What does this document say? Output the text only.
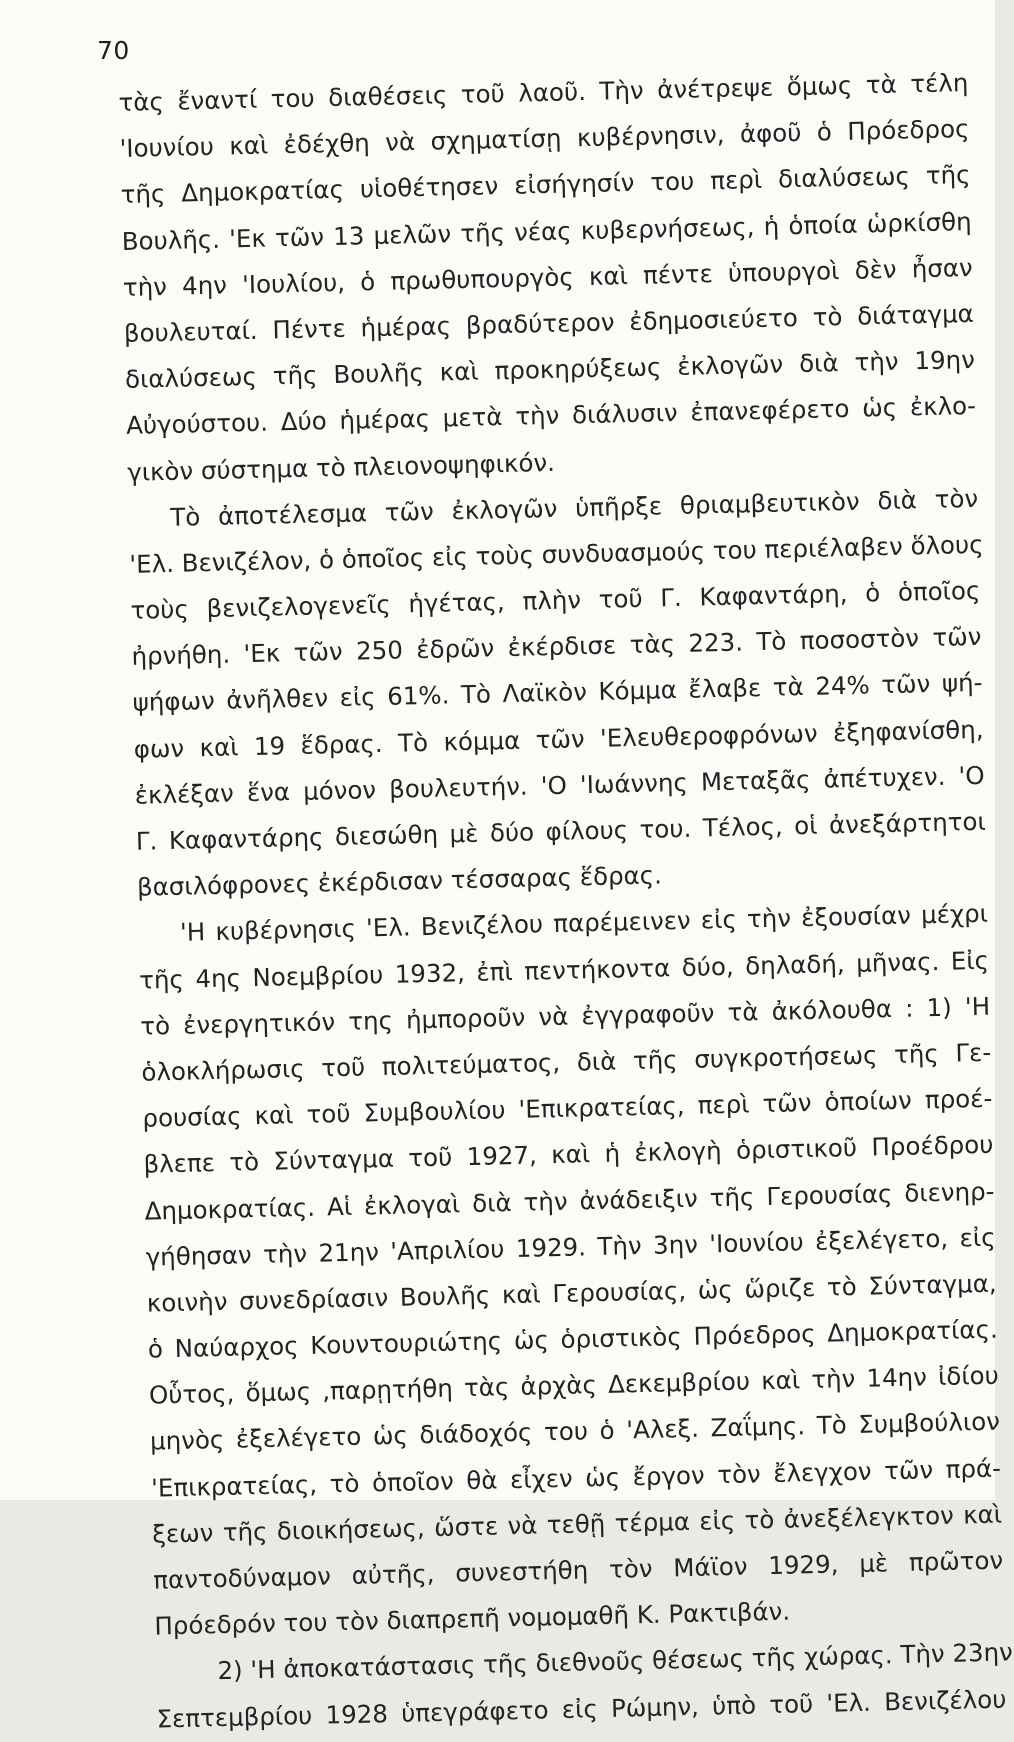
70
τὰς ἔναντί του διαθέσεις τοῦ λαοῦ. Τὴν ἀνέτρεψε ὅμως τὰ τέλη
'Ιουνίου καὶ ἐδέχθη νὰ σχηματίσῃ κυβέρνησιν, ἀφοῦ ὁ Πρόεδρος
τῆς Δημοκρατίας υἱοθέτησεν εἰσήγησίν του περὶ διαλύσεως τῆς
Βουλῆς. 'Εκ τῶν 13 μελῶν τῆς νέας κυβερνήσεως, ἡ ὁποία ὡρκίσθη
τὴν 4ην 'Ιουλίου, ὁ πρωθυπουργὸς καὶ πέντε ὑπουργοὶ δὲν ἦσαν
βουλευταί. Πέντε ἡμέρας βραδύτερον ἐδημοσιεύετο τὸ διάταγμα
διαλύσεως τῆς Βουλῆς καὶ προκηρύξεως ἐκλογῶν διὰ τὴν 19ην
Αὐγούστου. Δύο ἡμέρας μετὰ τὴν διάλυσιν ἐπανεφέρετο ὡς ἐκλο-
γικὸν σύστημα τὸ πλειονοψηφικόν.
Τὸ ἀποτέλεσμα τῶν ἐκλογῶν ὑπῆρξε θριαμβευτικὸν διὰ τὸν
'Ελ. Βενιζέλον, ὁ ὁποῖος εἰς τοὺς συνδυασμούς του περιέλαβεν ὅλους
τοὺς βενιζελογενεῖς ἡγέτας, πλὴν τοῦ Γ. Καφαντάρη, ὁ ὁποῖος
ἠρνήθη. 'Εκ τῶν 250 ἐδρῶν ἐκέρδισε τὰς 223. Τὸ ποσοστὸν τῶν
ψήφων ἀνῆλθεν εἰς 61%. Τὸ Λαϊκὸν Κόμμα ἔλαβε τὰ 24% τῶν ψή-
φων καὶ 19 ἕδρας. Τὸ κόμμα τῶν 'Ελευθεροφρόνων ἐξηφανίσθη,
ἐκλέξαν ἕνα μόνον βουλευτήν. 'Ο 'Ιωάννης Μεταξᾶς ἀπέτυχεν. 'Ο
Γ. Καφαντάρης διεσώθη μὲ δύο φίλους του. Τέλος, οἱ ἀνεξάρτητοι
βασιλόφρονες ἐκέρδισαν τέσσαρας ἕδρας.
'Η κυβέρνησις 'Ελ. Βενιζέλου παρέμεινεν εἰς τὴν ἐξουσίαν μέχρι
τῆς 4ης Νοεμβρίου 1932, ἐπὶ πεντήκοντα δύο, δηλαδή, μῆνας. Εἰς
τὸ ἐνεργητικόν της ἠμποροῦν νὰ ἐγγραφοῦν τὰ ἀκόλουθα : 1) 'Η
ὁλοκλήρωσις τοῦ πολιτεύματος, διὰ τῆς συγκροτήσεως τῆς Γε-
ρουσίας καὶ τοῦ Συμβουλίου 'Επικρατείας, περὶ τῶν ὁποίων προέ-
βλεπε τὸ Σύνταγμα τοῦ 1927, καὶ ἡ ἐκλογὴ ὁριστικοῦ Προέδρου
Δημοκρατίας. Αἱ ἐκλογαὶ διὰ τὴν ἀνάδειξιν τῆς Γερουσίας διενηρ-
γήθησαν τὴν 21ην 'Απριλίου 1929. Τὴν 3ην 'Ιουνίου ἐξελέγετο, εἰς
κοινὴν συνεδρίασιν Βουλῆς καὶ Γερουσίας, ὡς ὥριζε τὸ Σύνταγμα,
ὁ Ναύαρχος Κουντουριώτης ὡς ὁριστικὸς Πρόεδρος Δημοκρατίας.
Οὗτος, ὅμως ,παρῃτήθη τὰς ἀρχὰς Δεκεμβρίου καὶ τὴν 14ην ἰδίου
μηνὸς ἐξελέγετο ὡς διάδοχός του ὁ 'Αλεξ. Ζαΐμης. Τὸ Συμβούλιον
'Επικρατείας, τὸ ὁποῖον θὰ εἶχεν ὡς ἔργον τὸν ἔλεγχον τῶν πρά-
ξεων τῆς διοικήσεως, ὥστε νὰ τεθῇ τέρμα εἰς τὸ ἀνεξέλεγκτον καὶ
παντοδύναμον αὐτῆς, συνεστήθη τὸν Μάϊον 1929, μὲ πρῶτον
Πρόεδρόν του τὸν διαπρεπῆ νομομαθῆ Κ. Ρακτιβάν.
2) 'Η ἀποκατάστασις τῆς διεθνοῦς θέσεως τῆς χώρας. Τὴν 23ην
Σεπτεμβρίου 1928 ὑπεγράφετο εἰς Ρώμην, ὑπὸ τοῦ 'Ελ. Βενιζέλου
